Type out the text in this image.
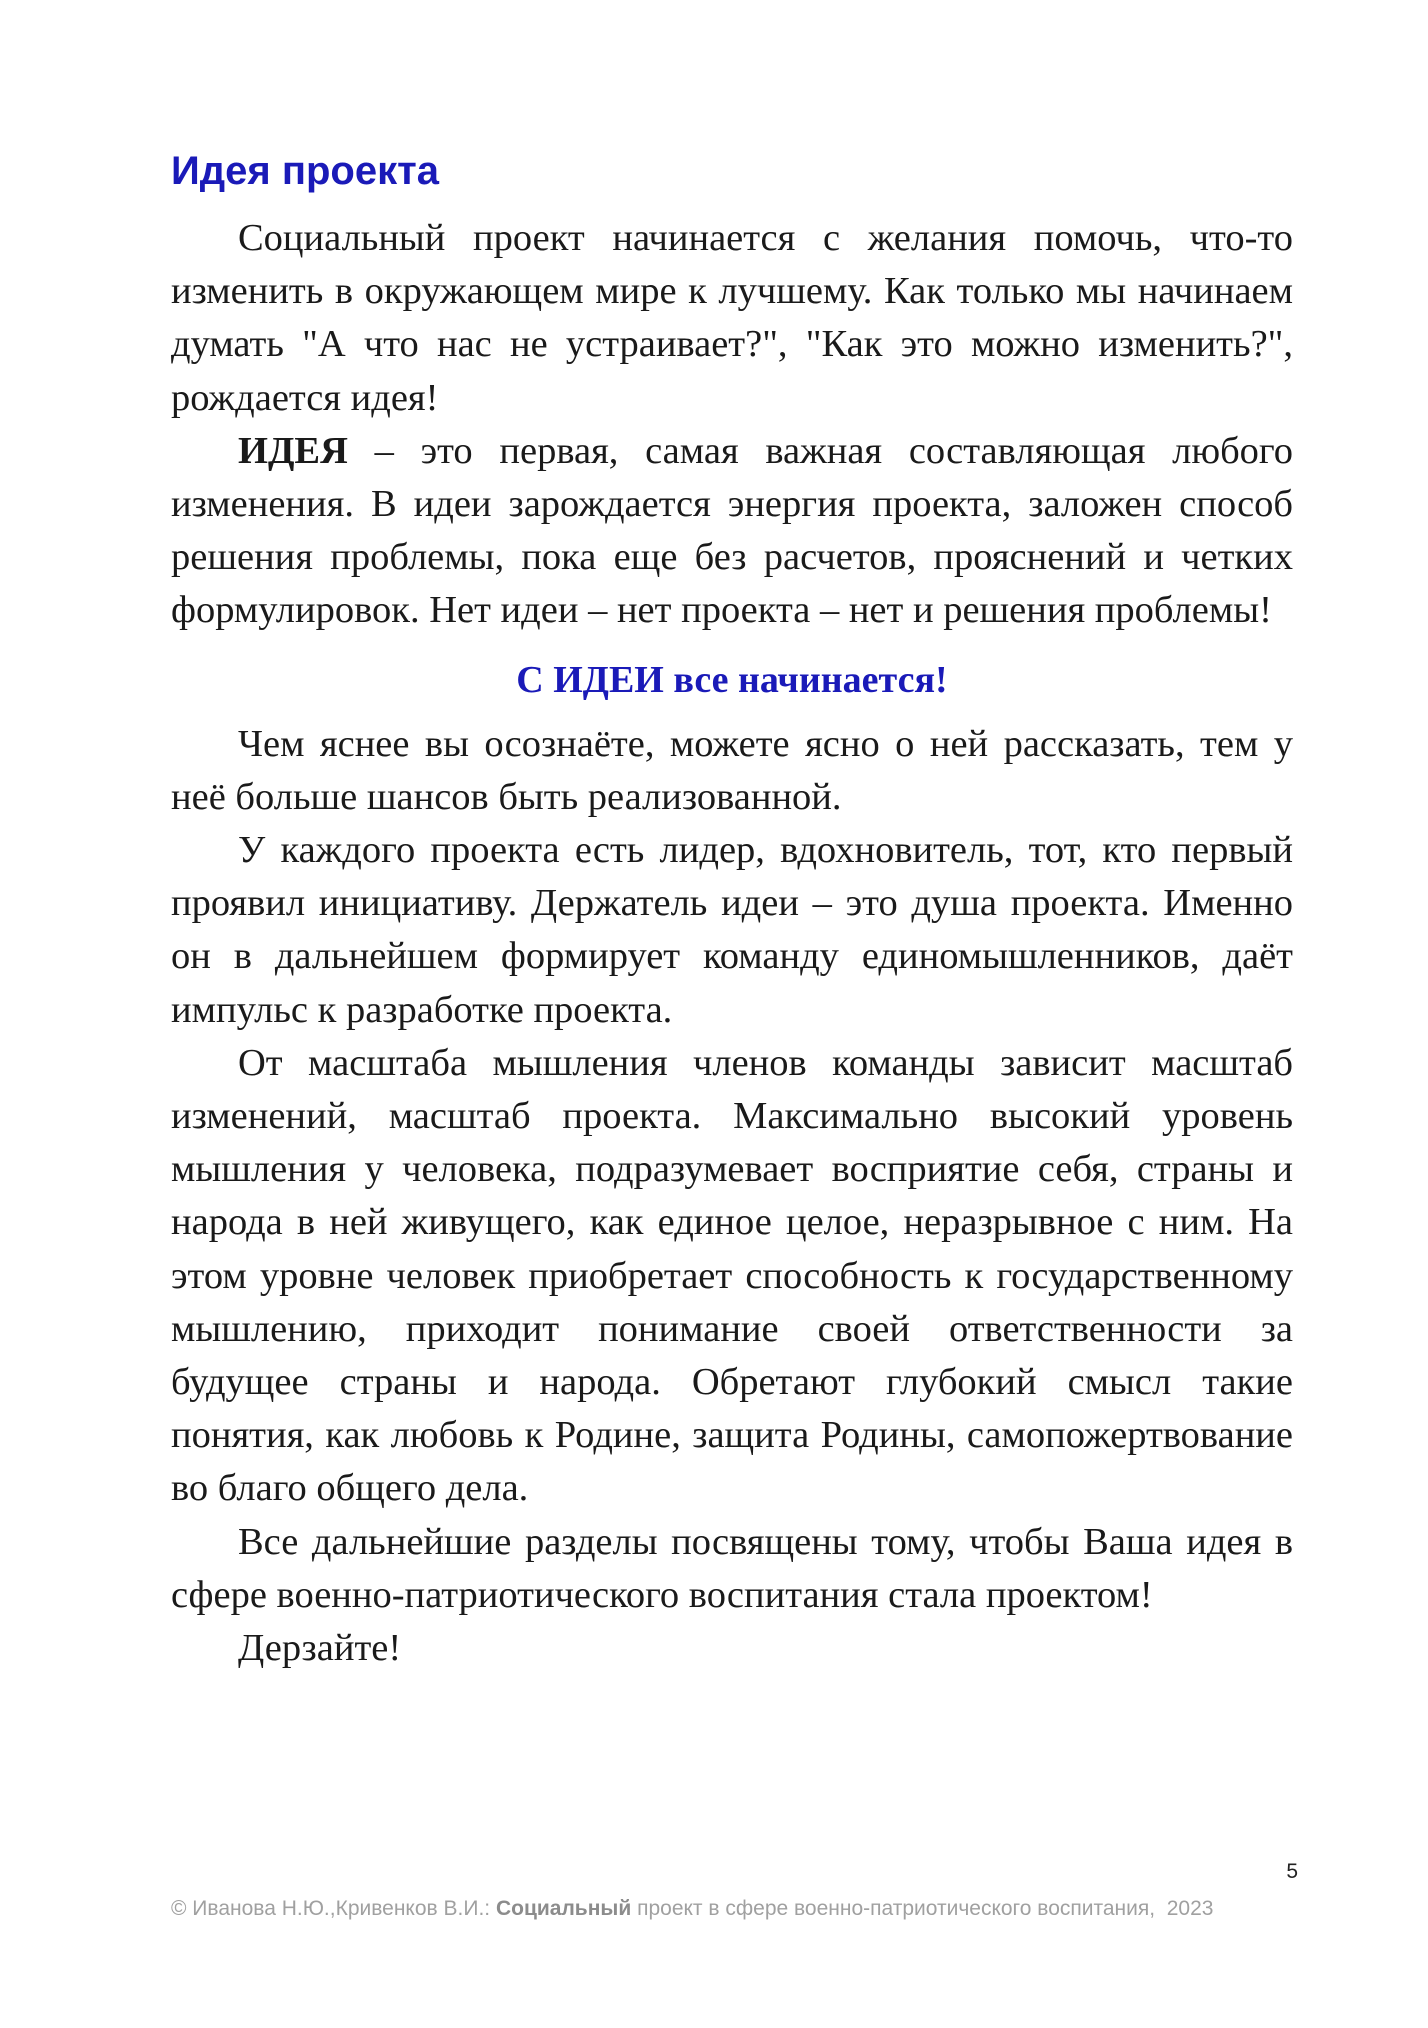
Идея проекта

Социальный проект начинается с желания помочь, что-то изменить в окружающем мире к лучшему. Как только мы начинаем думать "А что нас не устраивает?", "Как это можно изменить?", рождается идея!

ИДЕЯ – это первая, самая важная составляющая любого изменения. В идеи зарождается энергия проекта, заложен способ решения проблемы, пока еще без расчетов, прояснений и четких формулировок. Нет идеи – нет проекта – нет и решения проблемы!

С ИДЕИ все начинается!

Чем яснее вы осознаёте, можете ясно о ней рассказать, тем у неё больше шансов быть реализованной.

У каждого проекта есть лидер, вдохновитель, тот, кто первый проявил инициативу. Держатель идеи – это душа проекта. Именно он в дальнейшем формирует команду единомышленников, даёт импульс к разработке проекта.

От масштаба мышления членов команды зависит масштаб изменений, масштаб проекта. Максимально высокий уровень мышления у человека, подразумевает восприятие себя, страны и народа в ней живущего, как единое целое, неразрывное с ним. На этом уровне человек приобретает способность к государственному мышлению, приходит понимание своей ответственности за будущее страны и народа. Обретают глубокий смысл такие понятия, как любовь к Родине, защита Родины, самопожертвование во благо общего дела.

Все дальнейшие разделы посвящены тому, чтобы Ваша идея в сфере военно-патриотического воспитания стала проектом!

Дерзайте!

5
© Иванова Н.Ю.,Кривенков В.И.: Социальный проект в сфере военно-патриотического воспитания,  2023
